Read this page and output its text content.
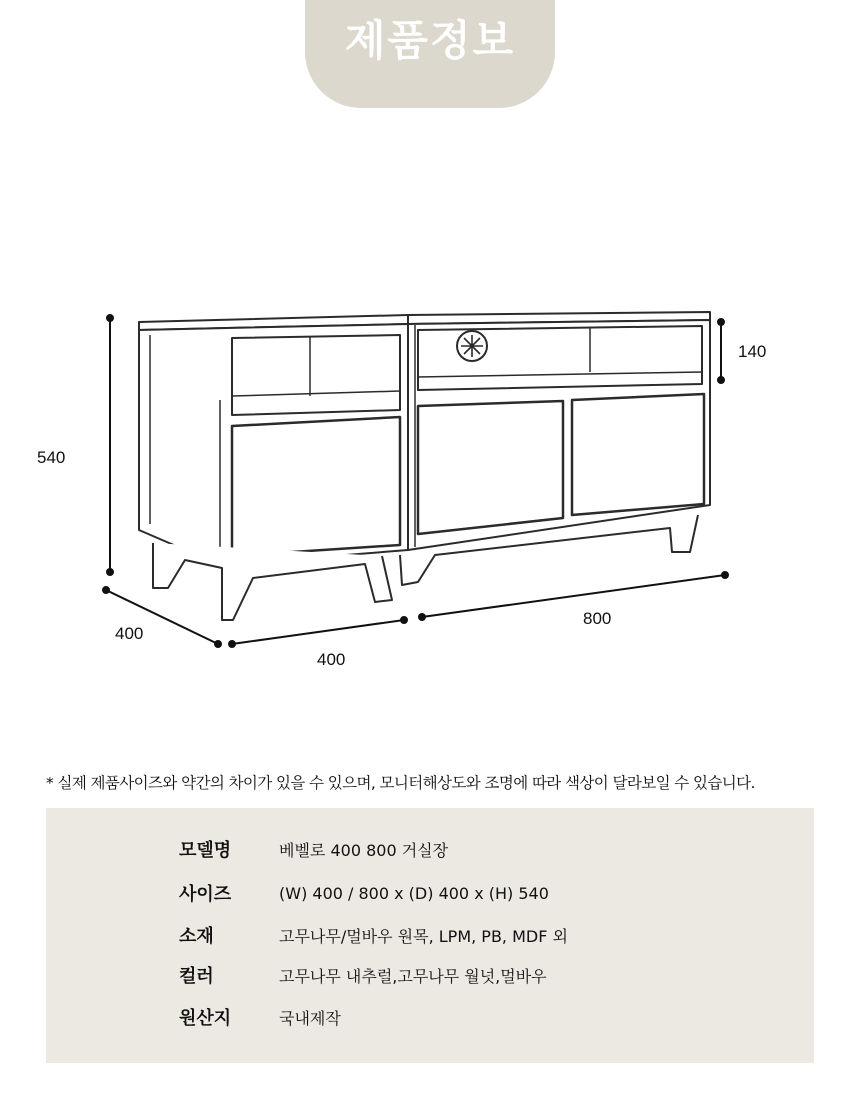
제품정보
540
140
400
400
800
* 실제 제품사이즈와 약간의 차이가 있을 수 있으며, 모니터해상도와 조명에 따라 색상이 달라보일 수 있습니다.
모델명	베벨로 400 800 거실장
사이즈	(W) 400 / 800 x (D) 400 x (H) 540
소재	고무나무/멀바우 원목, LPM, PB, MDF 외
컬러	고무나무 내추럴,고무나무 월넛,멀바우
원산지	국내제작
